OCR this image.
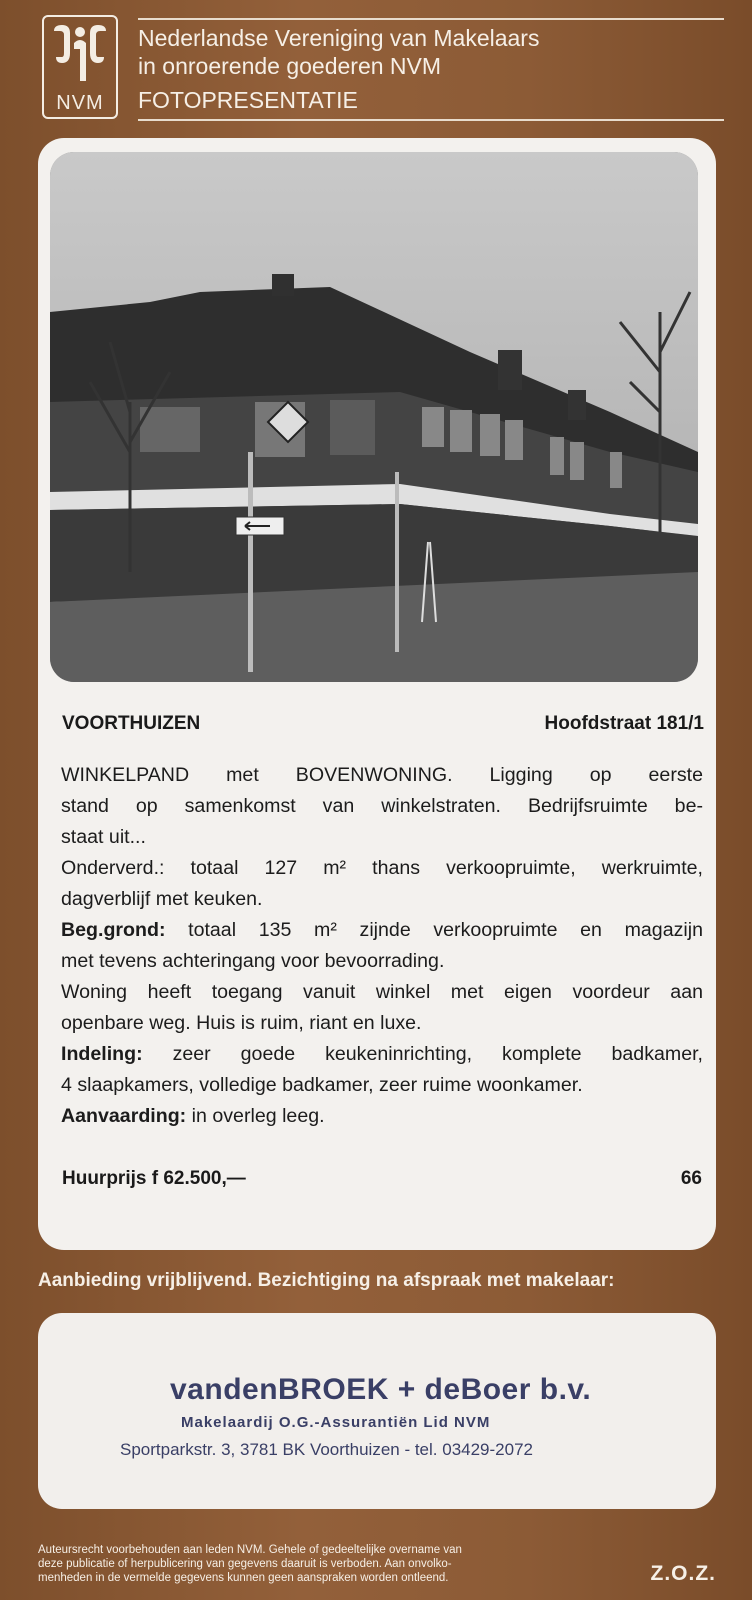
NVM
Nederlandse Vereniging van Makelaars
in onroerende goederen NVM
FOTOPRESENTATIE
VOORTHUIZEN	Hoofdstraat 181/1

WINKELPAND met BOVENWONING. Ligging op eerste

stand op samenkomst van winkelstraten. Bedrijfsruimte be-

staat uit...

Onderverd.: totaal 127 m² thans verkoopruimte, werkruimte,

dagverblijf met keuken.

Beg.grond: totaal 135 m² zijnde verkoopruimte en magazijn

met tevens achteringang voor bevoorrading.

Woning heeft toegang vanuit winkel met eigen voordeur aan

openbare weg. Huis is ruim, riant en luxe.

Indeling: zeer goede keukeninrichting, komplete badkamer,

4 slaapkamers, volledige badkamer, zeer ruime woonkamer.

Aanvaarding: in overleg leeg.

Huurprijs f 62.500,—	66
Aanbieding vrijblijvend. Bezichtiging na afspraak met makelaar:
vandenBROEK + deBoer b.v.
Makelaardij O.G.-Assurantiën Lid NVM
Sportparkstr. 3, 3781 BK Voorthuizen - tel. 03429-2072
Auteursrecht voorbehouden aan leden NVM. Gehele of gedeeltelijke overname van
deze publicatie of herpublicering van gegevens daaruit is verboden. Aan onvolko-
menheden in de vermelde gegevens kunnen geen aanspraken worden ontleend.	Z.O.Z.
